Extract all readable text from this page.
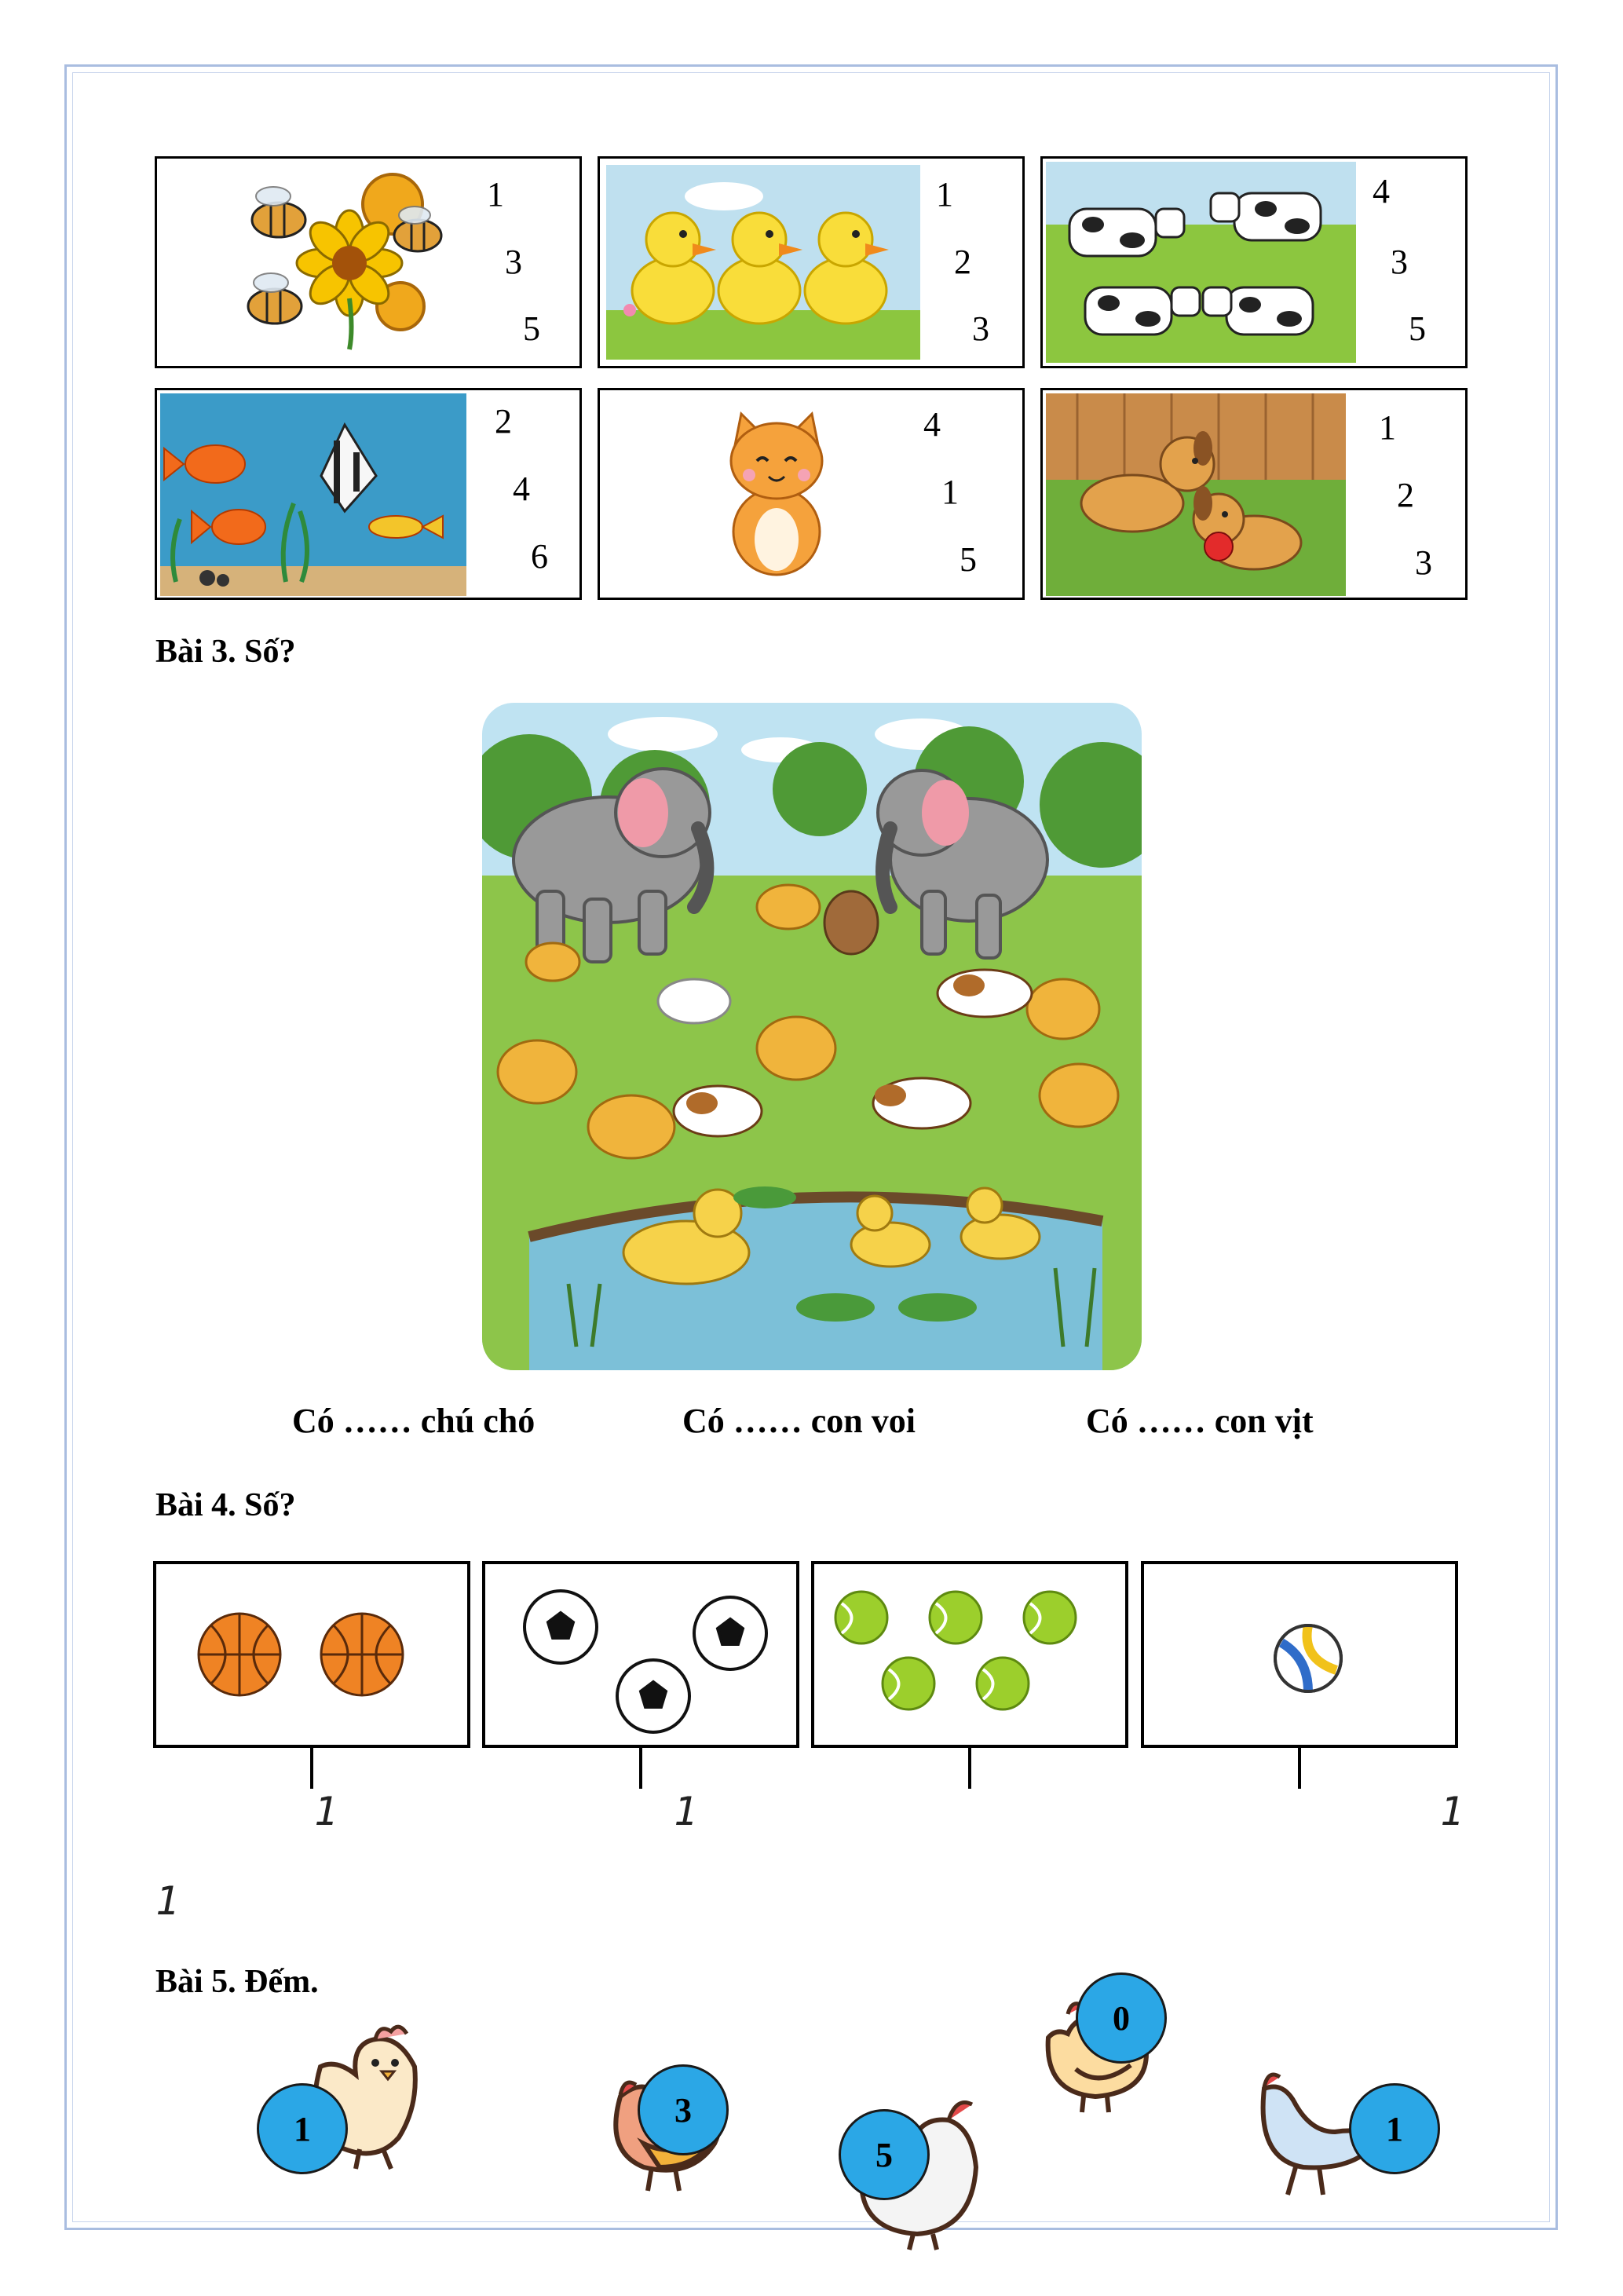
1
3
5
1
2
3
4
3
5
2
4
6
4
1
5
1
2
3
Bài 3. Số?
Có …… chú chó	Có …… con voi	Có …… con vịt
Bài 4. Số?
1	1	1
1
Bài 5. Đếm.
1	3
5
0
1
